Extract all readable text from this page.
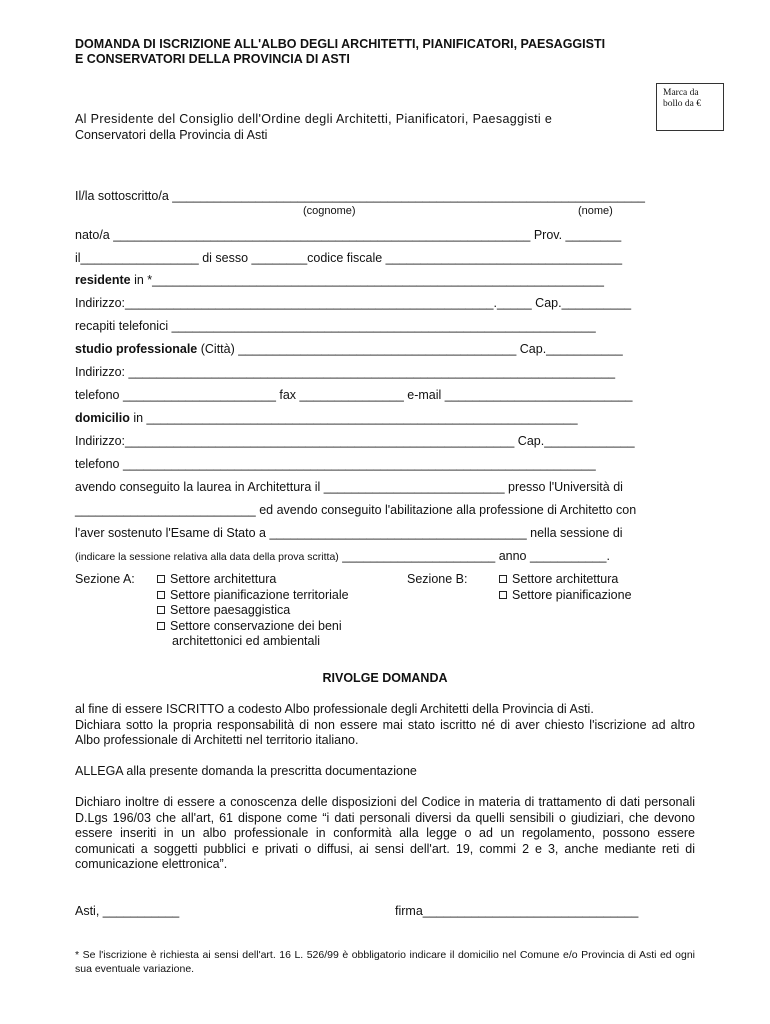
DOMANDA DI ISCRIZIONE ALL'ALBO DEGLI ARCHITETTI, PIANIFICATORI, PAESAGGISTI
E CONSERVATORI DELLA PROVINCIA DI ASTI
Marca da bollo da €
Al Presidente del Consiglio dell'Ordine degli Architetti, Pianificatori, Paesaggisti e
Conservatori della Provincia di Asti
Il/la sottoscritto/a ____________________________________________________________________
(cognome)	(nome)
nato/a ____________________________________________________________ Prov. ________
il_________________ di sesso ________codice fiscale __________________________________
residente in *_________________________________________________________________
Indirizzo:_____________________________________________________._____ Cap.__________
recapiti telefonici _____________________________________________________________
studio professionale (Città) ________________________________________ Cap.___________
Indirizzo: ______________________________________________________________________
telefono ______________________ fax _______________ e-mail ___________________________
domicilio in ______________________________________________________________
Indirizzo:________________________________________________________ Cap._____________
telefono ____________________________________________________________________
avendo conseguito la laurea in Architettura il __________________________ presso l'Università di
__________________________ ed avendo conseguito l'abilitazione alla professione di Architetto con
l'aver sostenuto l'Esame di Stato a _____________________________________ nella sessione di
(indicare la sessione relativa alla data della prova scritta) ______________________ anno ___________.
Sezione A:	Settore architettura
Settore pianificazione territoriale
Settore paesaggistica
Settore conservazione dei beni
architettonici ed ambientali
Sezione B:	Settore architettura
Settore pianificazione
RIVOLGE DOMANDA
al fine di essere ISCRITTO a codesto Albo professionale degli Architetti della Provincia di Asti.
Dichiara sotto la propria responsabilità di non essere mai stato iscritto né di aver chiesto l'iscrizione ad altro Albo professionale di Architetti nel territorio italiano.
ALLEGA alla presente domanda la prescritta documentazione
Dichiaro inoltre di essere a conoscenza delle disposizioni del Codice in materia di trattamento di dati personali D.Lgs 196/03 che all'art, 61 dispone come “i dati personali diversi da quelli sensibili o giudiziari, che devono essere inseriti in un albo professionale in conformità alla legge o ad un regolamento, possono essere comunicati a soggetti pubblici e privati o diffusi, ai sensi dell'art. 19, commi 2 e 3, anche mediante reti di comunicazione elettronica”.
Asti, ___________	firma_______________________________
* Se l'iscrizione è richiesta ai sensi dell'art. 16 L. 526/99 è obbligatorio indicare il domicilio nel Comune e/o Provincia di Asti ed ogni sua eventuale variazione.
